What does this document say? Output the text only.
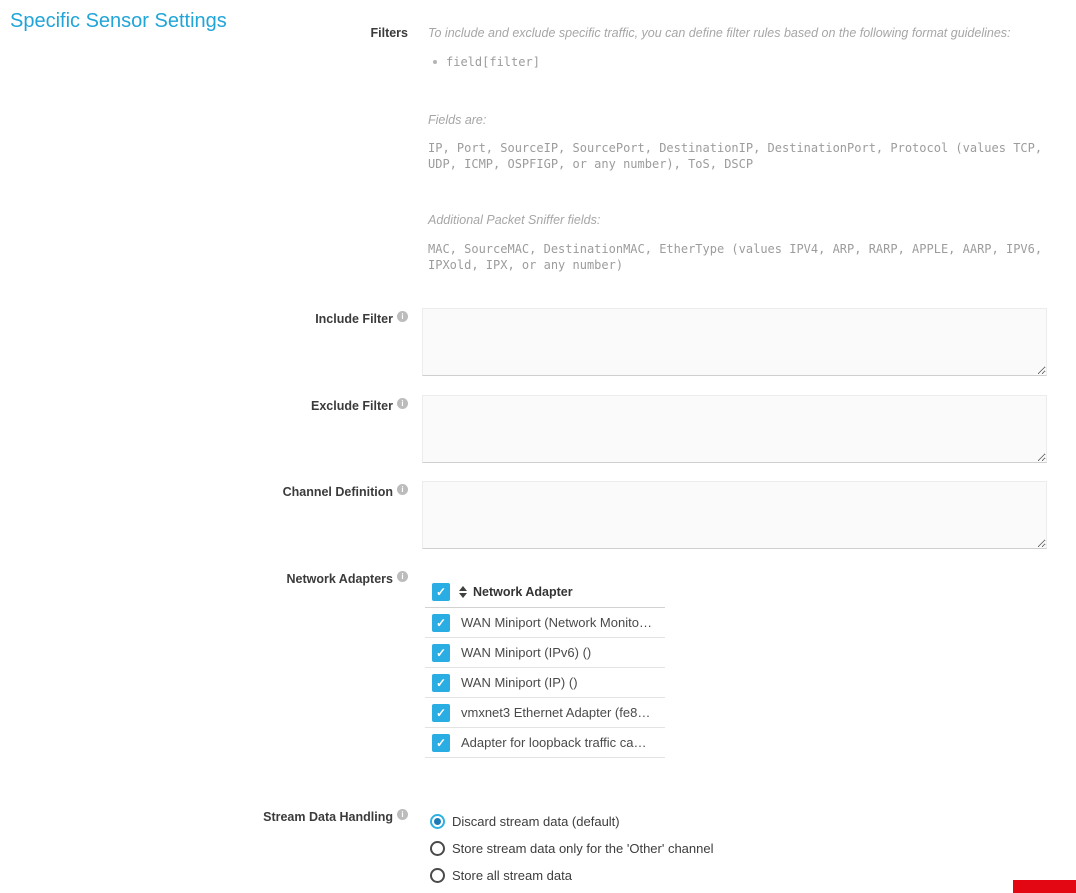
Specific Sensor Settings
Filters To include and exclude specific traffic, you can define filter rules based on the following format guidelines:
field[filter]
Fields are:
IP, Port, SourceIP, SourcePort, DestinationIP, DestinationPort, Protocol (values TCP, UDP, ICMP, OSPFIGP, or any number), ToS, DSCP
Additional Packet Sniffer fields:
MAC, SourceMAC, DestinationMAC, EtherType (values IPV4, ARP, RARP, APPLE, AARP, IPV6, IPXold, IPX, or any number)
Include Filter i
Exclude Filter i
Channel Definition i
Network Adapters i
✓	Network Adapter
✓	WAN Miniport (Network Monito…
✓	WAN Miniport (IPv6) ()
✓	WAN Miniport (IP) ()
✓	vmxnet3 Ethernet Adapter (fe8…
✓	Adapter for loopback traffic ca…
Stream Data Handling i	Discard stream data (default)
Store stream data only for the 'Other' channel
Store all stream data
